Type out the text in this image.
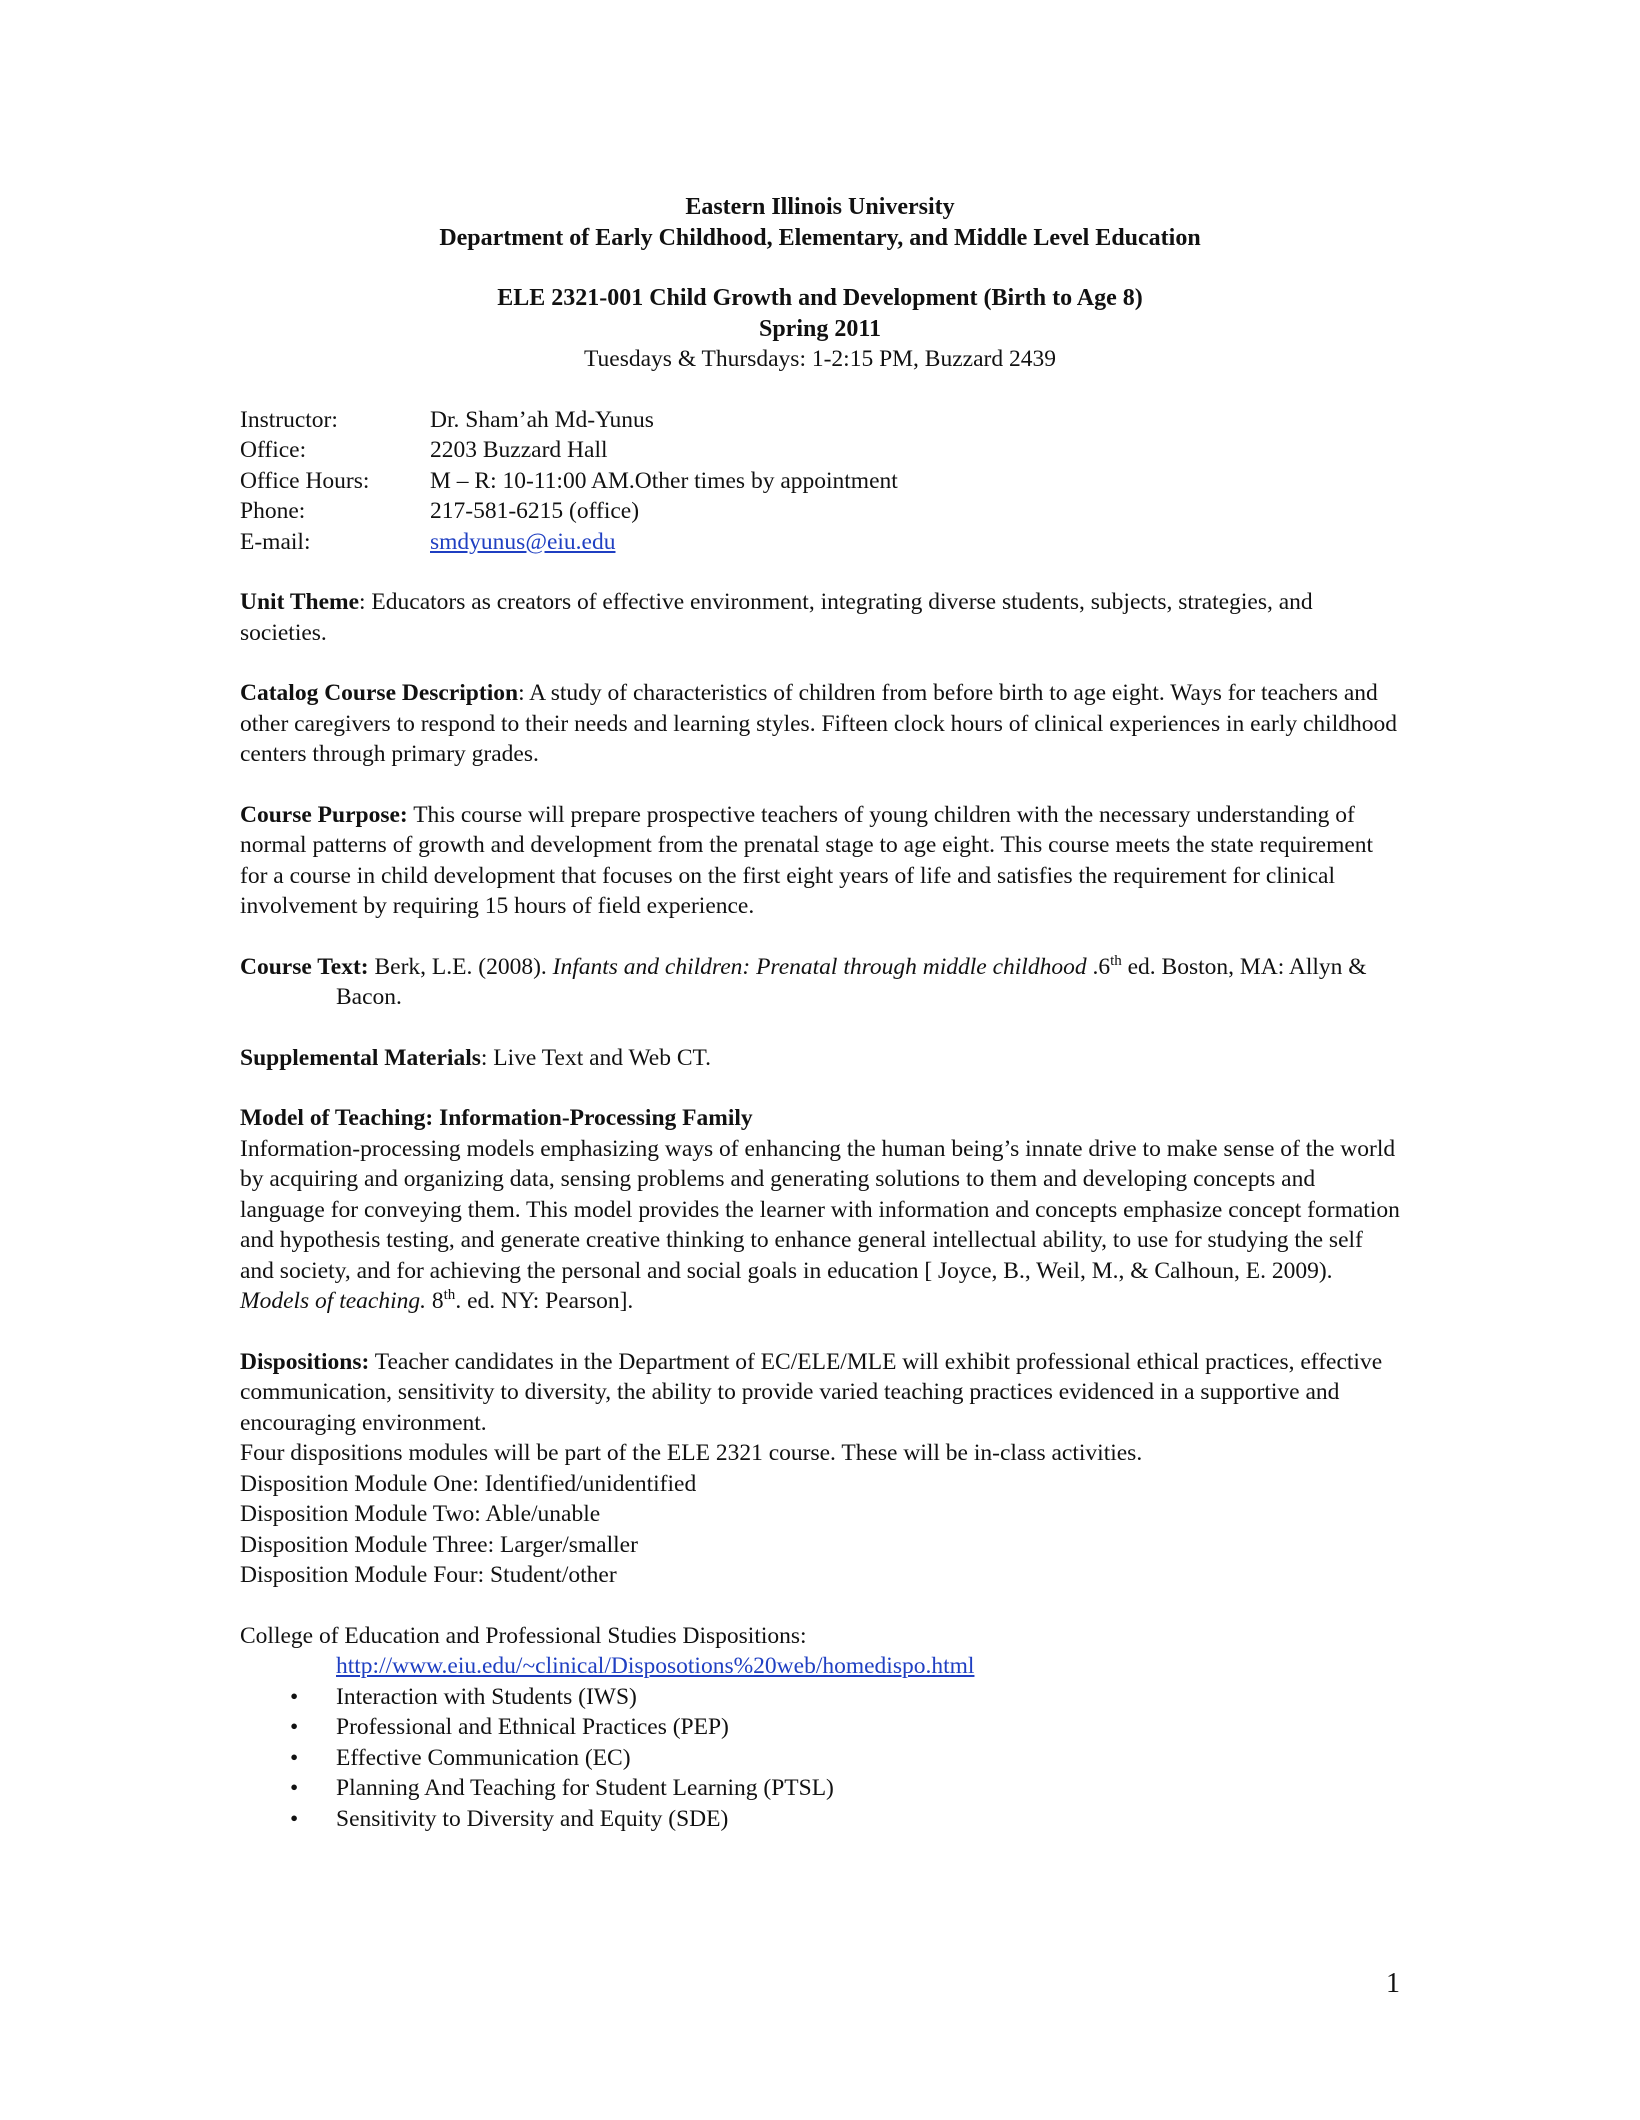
Eastern Illinois University
Department of Early Childhood, Elementary, and Middle Level Education
ELE 2321-001 Child Growth and Development (Birth to Age 8)
Spring 2011
Tuesdays & Thursdays: 1-2:15 PM, Buzzard 2439
Instructor:	Dr. Sham’ah Md-Yunus
Office:	2203 Buzzard Hall
Office Hours:	M – R: 10-11:00 AM.Other times by appointment
Phone:	217-581-6215 (office)
E-mail:	smdyunus@eiu.edu
Unit Theme: Educators as creators of effective environment, integrating diverse students, subjects, strategies, and societies.
Catalog Course Description: A study of characteristics of children from before birth to age eight. Ways for teachers and other caregivers to respond to their needs and learning styles. Fifteen clock hours of clinical experiences in early childhood centers through primary grades.
Course Purpose: This course will prepare prospective teachers of young children with the necessary understanding of normal patterns of growth and development from the prenatal stage to age eight. This course meets the state requirement for a course in child development that focuses on the first eight years of life and satisfies the requirement for clinical involvement by requiring 15 hours of field experience.
Course Text: Berk, L.E. (2008). Infants and children: Prenatal through middle childhood .6th ed. Boston, MA: Allyn & Bacon.
Supplemental Materials: Live Text and Web CT.
Model of Teaching: Information-Processing Family
Information-processing models emphasizing ways of enhancing the human being’s innate drive to make sense of the world by acquiring and organizing data, sensing problems and generating solutions to them and developing concepts and language for conveying them. This model provides the learner with information and concepts emphasize concept formation and hypothesis testing, and generate creative thinking to enhance general intellectual ability, to use for studying the self and society, and for achieving the personal and social goals in education [ Joyce, B., Weil, M., & Calhoun, E. 2009). Models of teaching. 8th. ed. NY: Pearson].
Dispositions: Teacher candidates in the Department of EC/ELE/MLE will exhibit professional ethical practices, effective communication, sensitivity to diversity, the ability to provide varied teaching practices evidenced in a supportive and encouraging environment.
Four dispositions modules will be part of the ELE 2321 course. These will be in-class activities.
Disposition Module One: Identified/unidentified
Disposition Module Two: Able/unable
Disposition Module Three: Larger/smaller
Disposition Module Four: Student/other
College of Education and Professional Studies Dispositions:
http://www.eiu.edu/~clinical/Disposotions%20web/homedispo.html
• Interaction with Students (IWS)
• Professional and Ethnical Practices (PEP)
• Effective Communication (EC)
• Planning And Teaching for Student Learning (PTSL)
• Sensitivity to Diversity and Equity (SDE)
1
